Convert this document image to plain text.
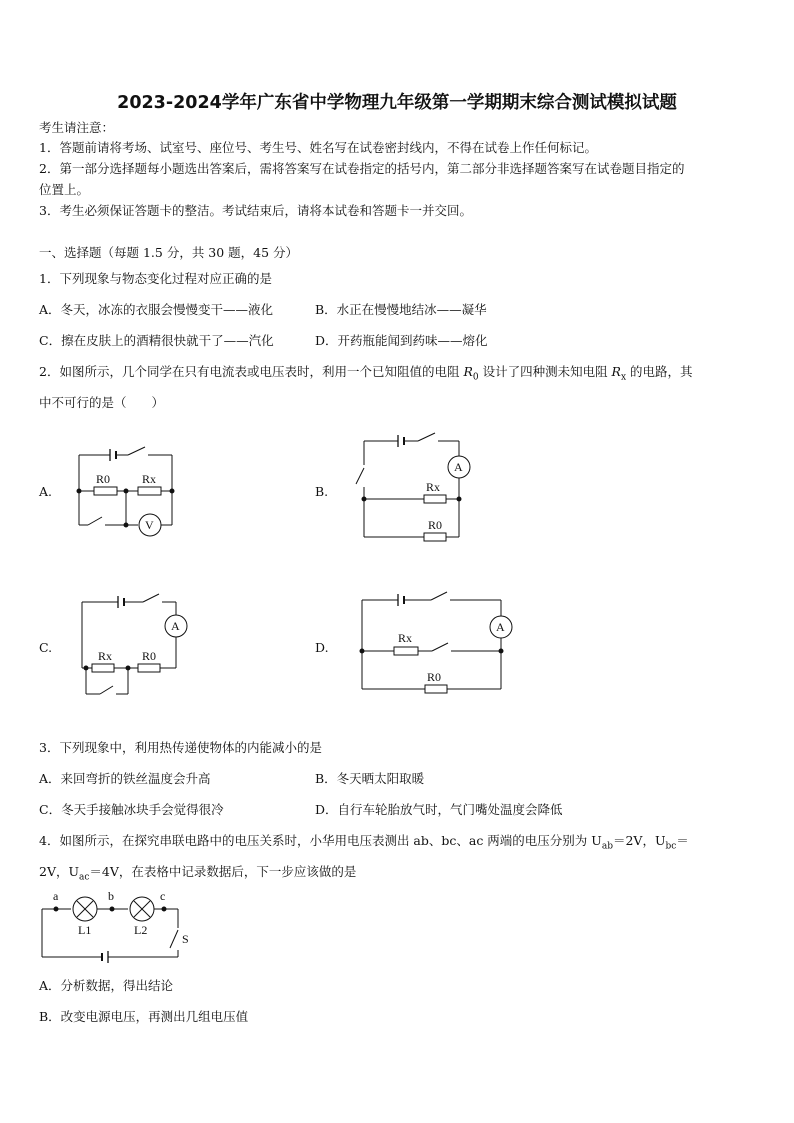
2023-2024学年广东省中学物理九年级第一学期期末综合测试模拟试题
考生请注意：
1．答题前请将考场、试室号、座位号、考生号、姓名写在试卷密封线内，不得在试卷上作任何标记。
2．第一部分选择题每小题选出答案后，需将答案写在试卷指定的括号内，第二部分非选择题答案写在试卷题目指定的
位置上。
3．考生必须保证答题卡的整洁。考试结束后，请将本试卷和答题卡一并交回。
一、选择题（每题 1.5 分，共 30 题，45 分）
1．下列现象与物态变化过程对应正确的是
A．冬天，冰冻的衣服会慢慢变干——液化	B．水正在慢慢地结冰——凝华
C．擦在皮肤上的酒精很快就干了——汽化	D．开药瓶能闻到药味——熔化
2．如图所示，几个同学在只有电流表或电压表时，利用一个已知阻值的电阻 $R_0$ 设计了四种测未知电阻 $R_x$ 的电路，其
中不可行的是（　　）
A.	B.
C.	D.
R0	Rx
V
A
Rx
R0
A
Rx R0
A
Rx
R0
3．下列现象中，利用热传递使物体的内能减小的是
A．来回弯折的铁丝温度会升高	B．冬天晒太阳取暖
C．冬天手接触冰块手会觉得很冷	D．自行车轮胎放气时，气门嘴处温度会降低
4．如图所示，在探究串联电路中的电压关系时，小华用电压表测出 ab、bc、ac 两端的电压分别为 $U_{ab}=2V$，$U_{bc}=$
2V，$U_{ac}=4V$，在表格中记录数据后，下一步应该做的是
a	b	c
L1	L2
S
A．分析数据，得出结论
B．改变电源电压，再测出几组电压值
